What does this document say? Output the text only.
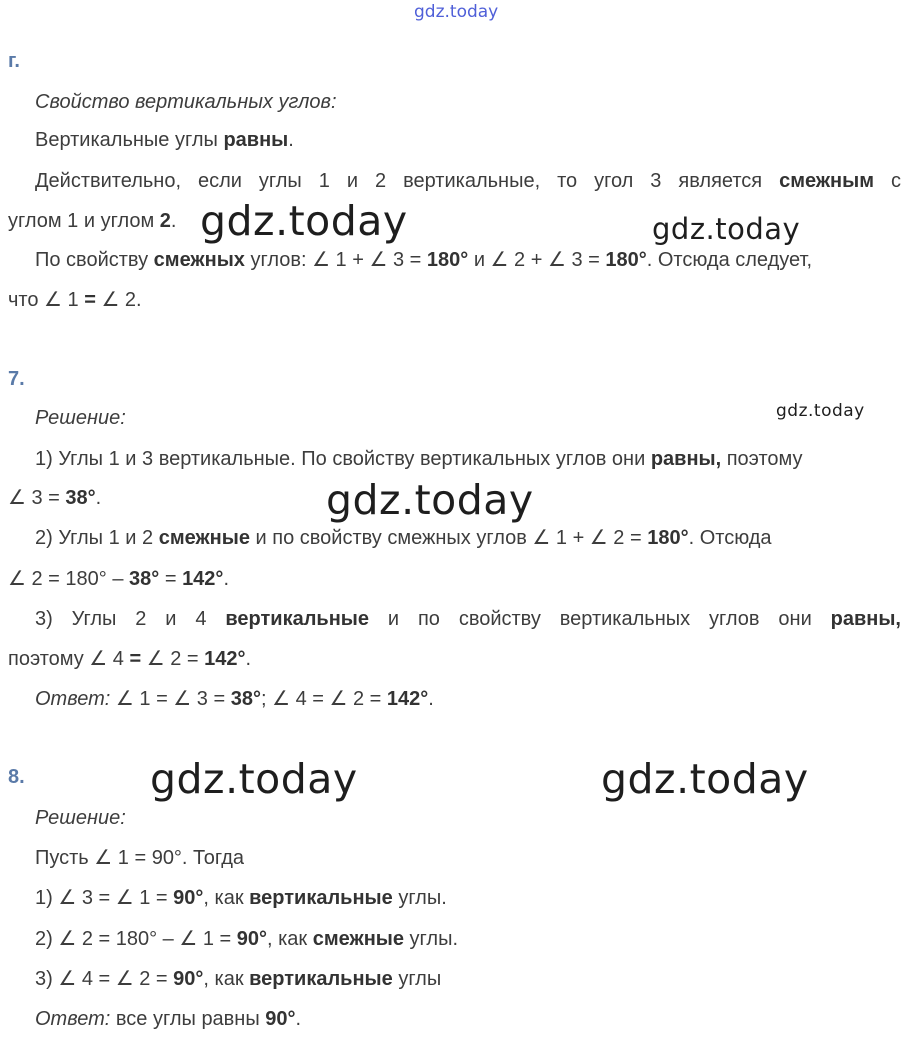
gdz.today
gdz.today	gdz.today
gdz.today
gdz.today
gdz.today	gdz.today
г.
Свойство вертикальных углов:
Вертикальные углы равны.
Действительно, если углы 1 и 2 вертикальные, то угол 3 является смежным с
углом 1 и углом 2.
По свойству смежных углов: ∠ 1 + ∠ 3 = 180° и ∠ 2 + ∠ 3 = 180°. Отсюда следует,
что ∠ 1 = ∠ 2.
7.
Решение:
1) Углы 1 и 3 вертикальные. По свойству вертикальных углов они равны, поэтому
∠ 3 = 38°.
2) Углы 1 и 2 смежные и по свойству смежных углов ∠ 1 + ∠ 2 = 180°. Отсюда
∠ 2 = 180° – 38° = 142°.
3) Углы 2 и 4 вертикальные и по свойству вертикальных углов они равны,
поэтому ∠ 4 = ∠ 2 = 142°.
Ответ: ∠ 1 = ∠ 3 = 38°; ∠ 4 = ∠ 2 = 142°.
8.
Решение:
Пусть ∠ 1 = 90°. Тогда
1) ∠ 3 = ∠ 1 = 90°, как вертикальные углы.
2) ∠ 2 = 180° – ∠ 1 = 90°, как смежные углы.
3) ∠ 4 = ∠ 2 = 90°, как вертикальные углы
Ответ: все углы равны 90°.
